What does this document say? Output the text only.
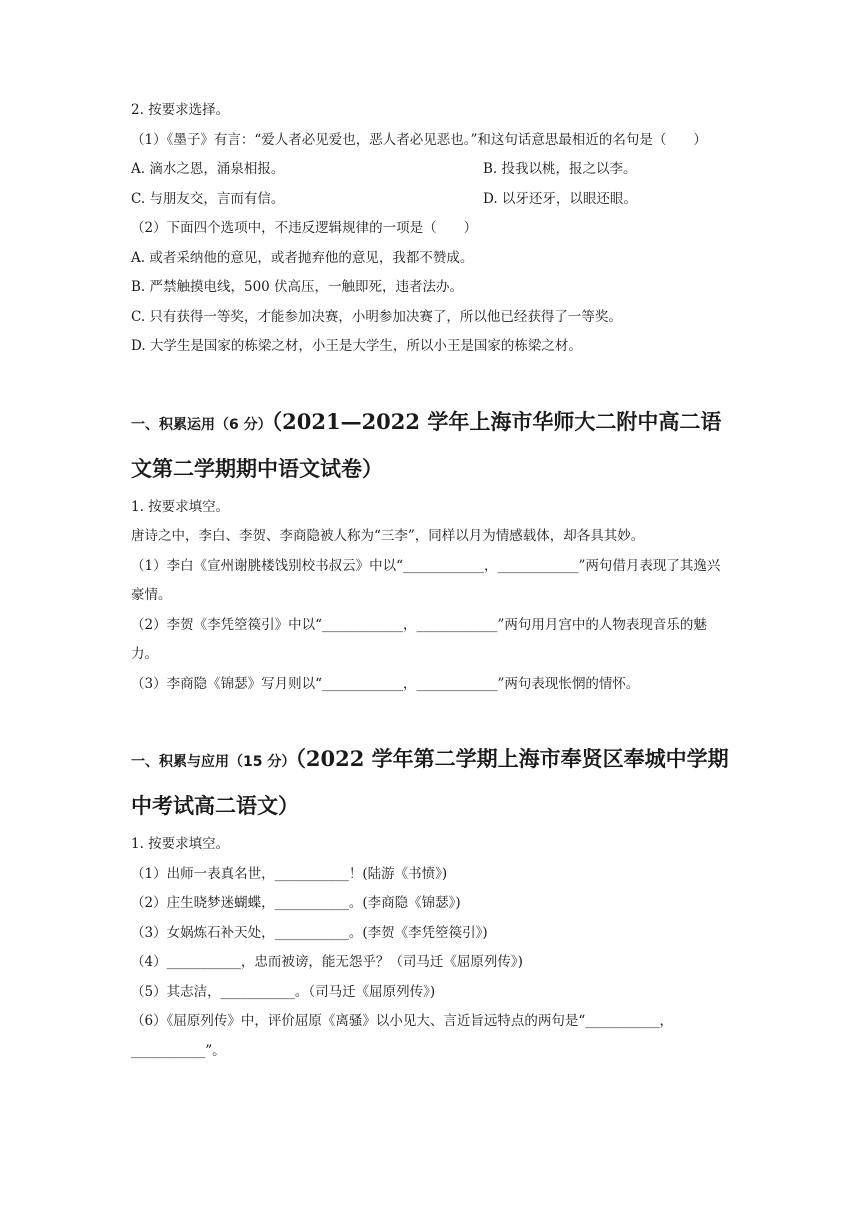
2. 按要求选择。
（1）《墨子》有言：“爱人者必见爱也，恶人者必见恶也。”和这句话意思最相近的名句是（　　）
A. 滴水之恩，涌泉相报。	B. 投我以桃，报之以李。
C. 与朋友交，言而有信。	D. 以牙还牙，以眼还眼。
（2）下面四个选项中，不违反逻辑规律的一项是（　　）
A. 或者采纳他的意见，或者抛弃他的意见，我都不赞成。
B. 严禁触摸电线，500 伏高压，一触即死，违者法办。
C. 只有获得一等奖，才能参加决赛，小明参加决赛了，所以他已经获得了一等奖。
D. 大学生是国家的栋梁之材，小王是大学生，所以小王是国家的栋梁之材。
一、积累运用（6 分）（2021—2022 学年上海市华师大二附中高二语文第二学期期中语文试卷）
1. 按要求填空。
唐诗之中，李白、李贺、李商隐被人称为“三李”，同样以月为情感载体，却各具其妙。
（1）李白《宣州谢朓楼饯别校书叔云》中以“____________，____________”两句借月表现了其逸兴豪情。
（2）李贺《李凭箜篌引》中以“____________，____________”两句用月宫中的人物表现音乐的魅力。
（3）李商隐《锦瑟》写月则以“____________，____________”两句表现怅惘的情怀。
一、积累与应用（15 分）（2022 学年第二学期上海市奉贤区奉城中学期中考试高二语文）
1. 按要求填空。
（1）出师一表真名世，___________！(陆游《书愤》)
（2）庄生晓梦迷蝴蝶，___________。(李商隐《锦瑟》)
（3）女娲炼石补天处，___________。(李贺《李凭箜篌引》)
（4）___________，忠而被谤，能无怨乎？（司马迁《屈原列传》)
（5）其志洁，___________。（司马迁《屈原列传》)
（6）《屈原列传》中，评价屈原《离骚》以小见大、言近旨远特点的两句是“___________，___________”。
